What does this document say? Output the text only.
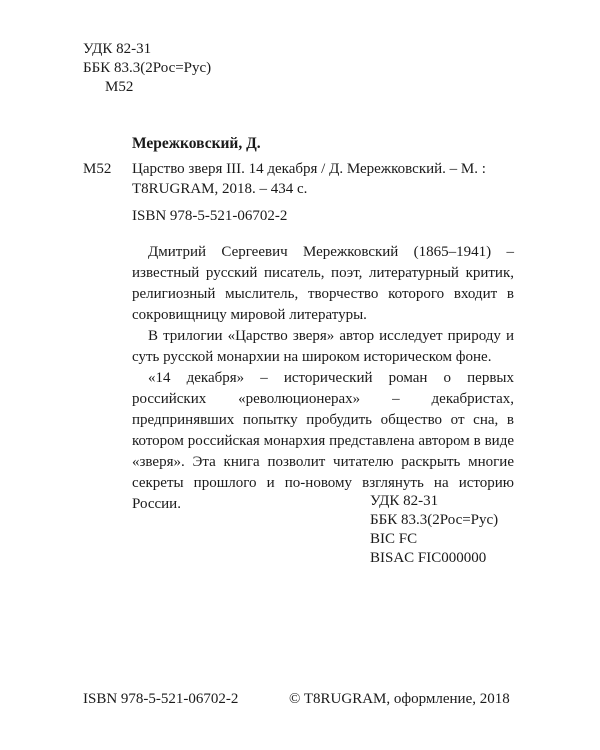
УДК 82-31
ББК 83.3(2Рос=Рус)
М52
Мережковский, Д.
М52 Царство зверя III. 14 декабря / Д. Мережковский. – М. :
T8RUGRAM, 2018. – 434 с.
ISBN 978-5-521-06702-2

Дмитрий Сергеевич Мережковский (1865–1941) – известный русский писатель, поэт, литературный критик, религиозный мыслитель, творчество которого входит в сокровищницу мировой литературы.

В трилогии «Царство зверя» автор исследует природу и суть русской монархии на широком историческом фоне.

«14 декабря» – исторический роман о первых российских «революционерах» – декабристах, предпринявших попытку пробудить общество от сна, в котором российская монархия представлена автором в виде «зверя». Эта книга позволит читателю раскрыть многие секреты прошлого и по-новому взглянуть на историю России.	УДК 82-31
ББК 83.3(2Рос=Рус)
BIC FC
BISAC FIC000000
ISBN 978-5-521-06702-2	© T8RUGRAM, оформление, 2018
